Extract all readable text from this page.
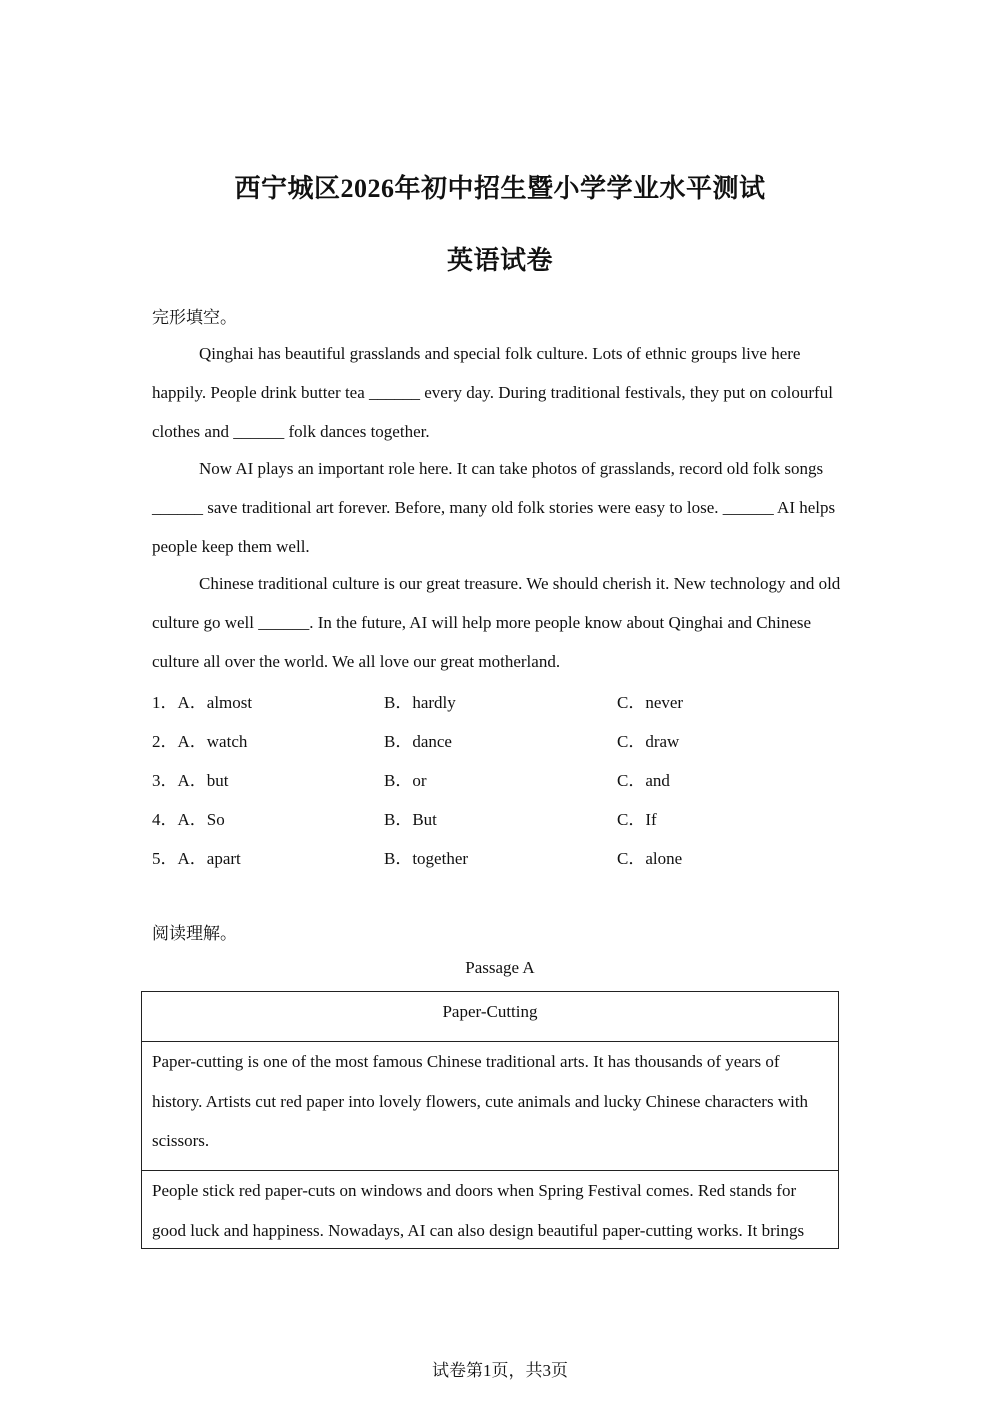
西宁城区2026年初中招生暨小学学业水平测试
英语试卷
完形填空。

Qinghai has beautiful grasslands and special folk culture. Lots of ethnic groups live here happily. People drink butter tea ______ every day. During traditional festivals, they put on colourful clothes and ______ folk dances together.

Now AI plays an important role here. It can take photos of grasslands, record old folk songs ______ save traditional art forever. Before, many old folk stories were easy to lose. ______ AI helps people keep them well.

Chinese traditional culture is our great treasure. We should cherish it. New technology and old culture go well ______. In the future, AI will help more people know about Qinghai and Chinese culture all over the world. We all love our great motherland.

1．A．almost	B．hardly	C．never
2．A．watch	B．dance	C．draw
3．A．but	B．or	C．and
4．A．So	B．But	C．If
5．A．apart	B．together	C．alone
阅读理解。
Passage A
Paper-Cutting
Paper-cutting is one of the most famous Chinese traditional arts. It has thousands of years of history. Artists cut red paper into lovely flowers, cute animals and lucky Chinese characters with scissors.
People stick red paper-cuts on windows and doors when Spring Festival comes. Red stands for good luck and happiness. Nowadays, AI can also design beautiful paper-cutting works. It brings
试卷第1页，共3页
